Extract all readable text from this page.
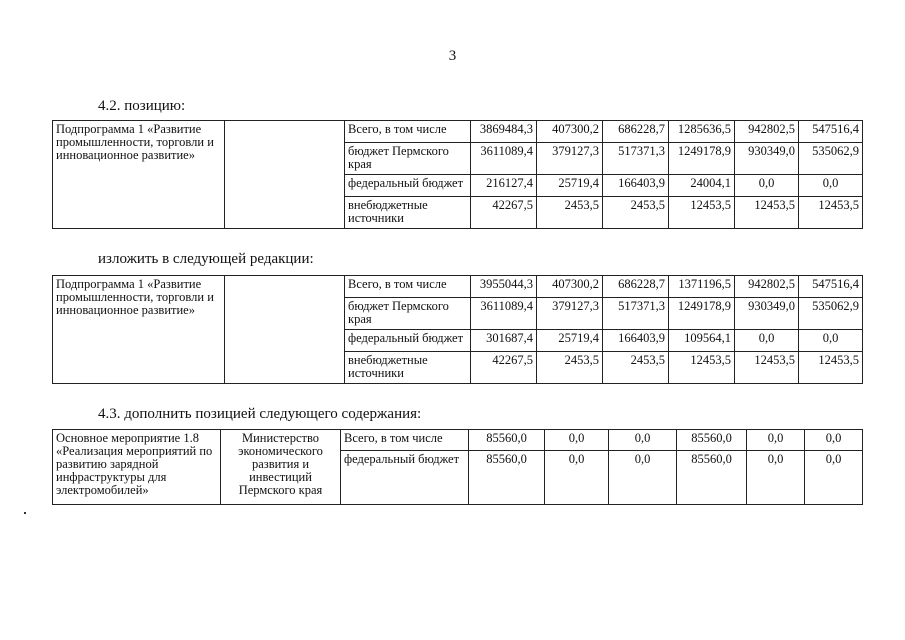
3
4.2. позицию:
Подпрограмма 1 «Развитие промышленности, торговли и инновационное развитие»		Всего, в том числе	3869484,3	407300,2	686228,7	1285636,5	942802,5	547516,4
		бюджет Пермского края	3611089,4	379127,3	517371,3	1249178,9	930349,0	535062,9
		федеральный бюджет	216127,4	25719,4	166403,9	24004,1	0,0	0,0
		внебюджетные источники	42267,5	2453,5	2453,5	12453,5	12453,5	12453,5
изложить в следующей редакции:
Подпрограмма 1 «Развитие промышленности, торговли и инновационное развитие»		Всего, в том числе	3955044,3	407300,2	686228,7	1371196,5	942802,5	547516,4
		бюджет Пермского края	3611089,4	379127,3	517371,3	1249178,9	930349,0	535062,9
		федеральный бюджет	301687,4	25719,4	166403,9	109564,1	0,0	0,0
		внебюджетные источники	42267,5	2453,5	2453,5	12453,5	12453,5	12453,5
4.3. дополнить позицией следующего содержания:
Основное мероприятие 1.8 «Реализация мероприятий по развитию зарядной инфраструктуры для электромобилей»	Министерство экономического развития и инвестиций Пермского края	Всего, в том числе	85560,0	0,0	0,0	85560,0	0,0	0,0
		федеральный бюджет	85560,0	0,0	0,0	85560,0	0,0	0,0
